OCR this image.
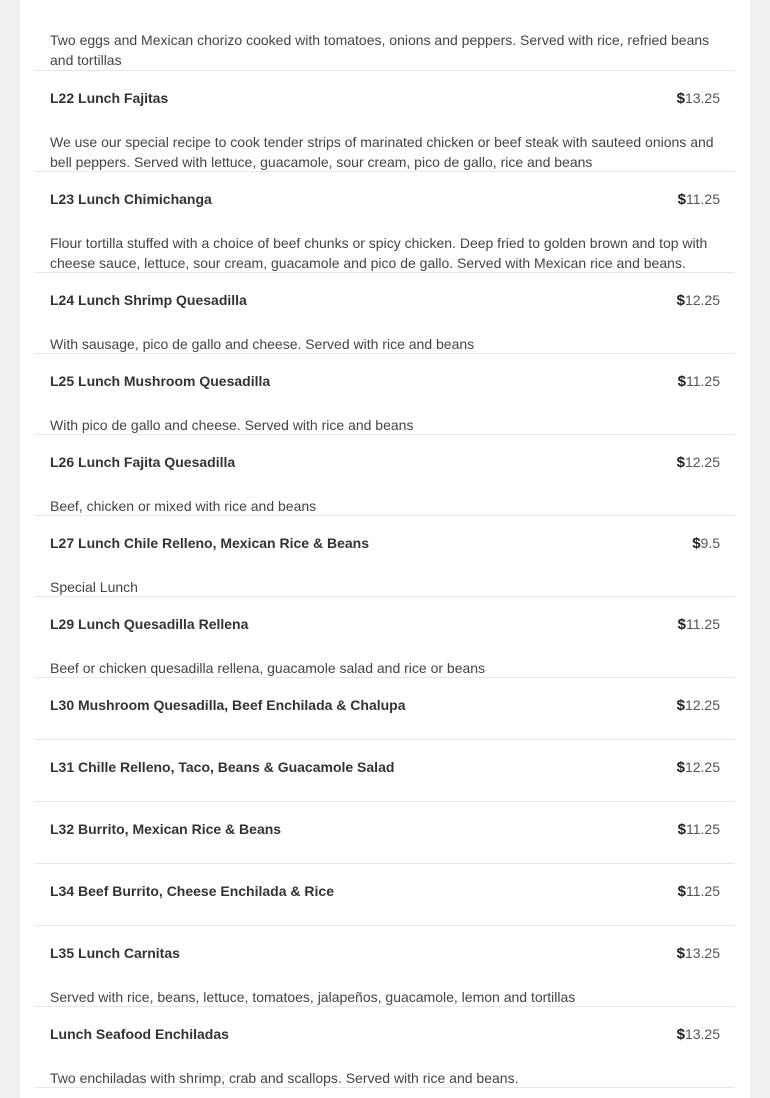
Two eggs and Mexican chorizo cooked with tomatoes, onions and peppers. Served with rice, refried beans and tortillas
L22 Lunch Fajitas	$13.25
We use our special recipe to cook tender strips of marinated chicken or beef steak with sauteed onions and bell peppers. Served with lettuce, guacamole, sour cream, pico de gallo, rice and beans
L23 Lunch Chimichanga	$11.25
Flour tortilla stuffed with a choice of beef chunks or spicy chicken. Deep fried to golden brown and top with cheese sauce, lettuce, sour cream, guacamole and pico de gallo. Served with Mexican rice and beans.
L24 Lunch Shrimp Quesadilla	$12.25
With sausage, pico de gallo and cheese. Served with rice and beans
L25 Lunch Mushroom Quesadilla	$11.25
With pico de gallo and cheese. Served with rice and beans
L26 Lunch Fajita Quesadilla	$12.25
Beef, chicken or mixed with rice and beans
L27 Lunch Chile Relleno, Mexican Rice & Beans	$9.5
Special Lunch
L29 Lunch Quesadilla Rellena	$11.25
Beef or chicken quesadilla rellena, guacamole salad and rice or beans
L30 Mushroom Quesadilla, Beef Enchilada & Chalupa	$12.25
L31 Chille Relleno, Taco, Beans & Guacamole Salad	$12.25
L32 Burrito, Mexican Rice & Beans	$11.25
L34 Beef Burrito, Cheese Enchilada & Rice	$11.25
L35 Lunch Carnitas	$13.25
Served with rice, beans, lettuce, tomatoes, jalapeños, guacamole, lemon and tortillas
Lunch Seafood Enchiladas	$13.25
Two enchiladas with shrimp, crab and scallops. Served with rice and beans.
